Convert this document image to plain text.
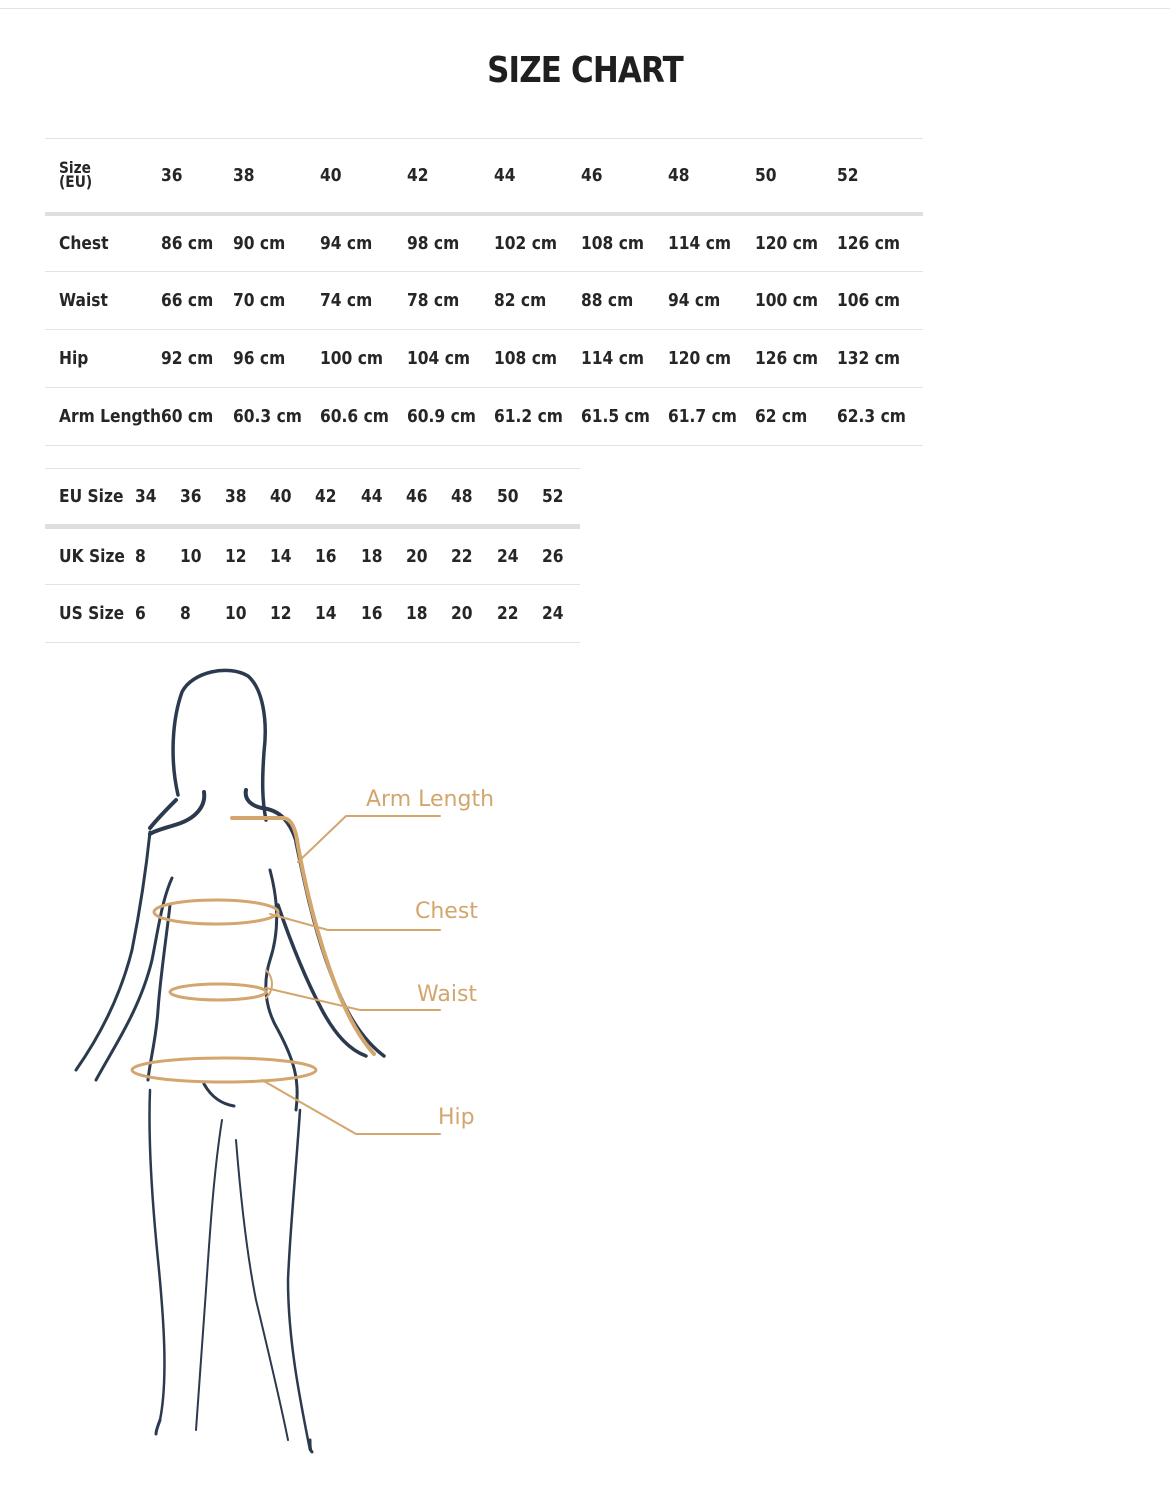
SIZE CHART
Size
(EU)	36	38	40	42	44	46	48	50	52
Chest	86 cm	90 cm	94 cm	98 cm	102 cm	108 cm	114 cm	120 cm	126 cm
Waist	66 cm	70 cm	74 cm	78 cm	82 cm	88 cm	94 cm	100 cm	106 cm
Hip	92 cm	96 cm	100 cm	104 cm	108 cm	114 cm	120 cm	126 cm	132 cm
Arm Length	60 cm	60.3 cm	60.6 cm	60.9 cm	61.2 cm	61.5 cm	61.7 cm	62 cm	62.3 cm
EU Size	34	36	38	40	42	44	46	48	50	52
UK Size	8	10	12	14	16	18	20	22	24	26
US Size	6	8	10	12	14	16	18	20	22	24
Arm Length
Chest
Waist
Hip
